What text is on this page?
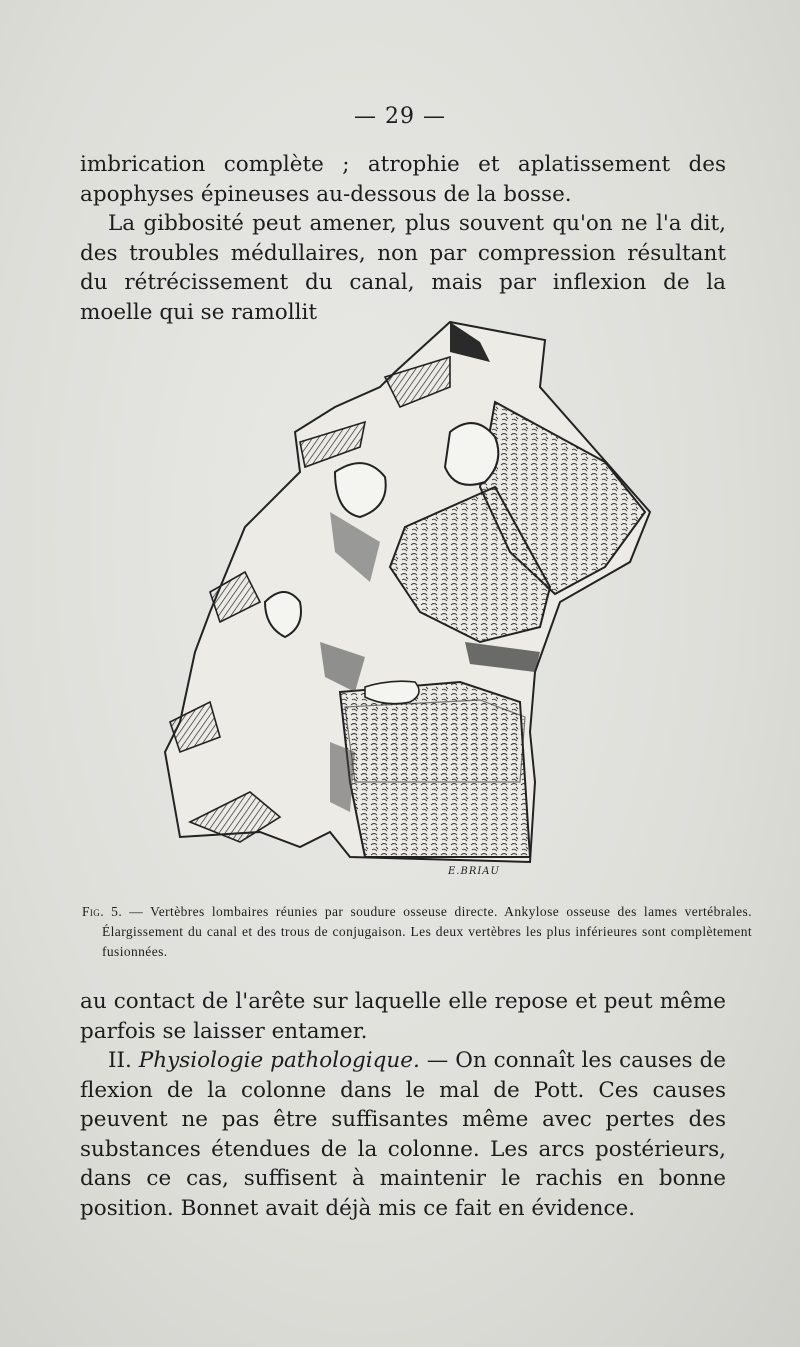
— 29 —

imbrication complète ; atrophie et aplatissement des apophyses épineuses au-dessous de la bosse.

La gibbosité peut amener, plus souvent qu'on ne l'a dit, des troubles médullaires, non par compression résultant du rétrécissement du canal, mais par inflexion de la moelle qui se ramollit

E.BRIAU
Fig. 5. — Vertèbres lombaires réunies par soudure osseuse directe. Ankylose osseuse des lames vertébrales. Élargissement du canal et des trous de conjugaison. Les deux vertèbres les plus inférieures sont complètement fusionnées.

au contact de l'arête sur laquelle elle repose et peut même parfois se laisser entamer.

II. Physiologie pathologique. — On connaît les causes de flexion de la colonne dans le mal de Pott. Ces causes peuvent ne pas être suffisantes même avec pertes des substances étendues de la colonne. Les arcs postérieurs, dans ce cas, suffisent à maintenir le rachis en bonne position. Bonnet avait déjà mis ce fait en évidence.
